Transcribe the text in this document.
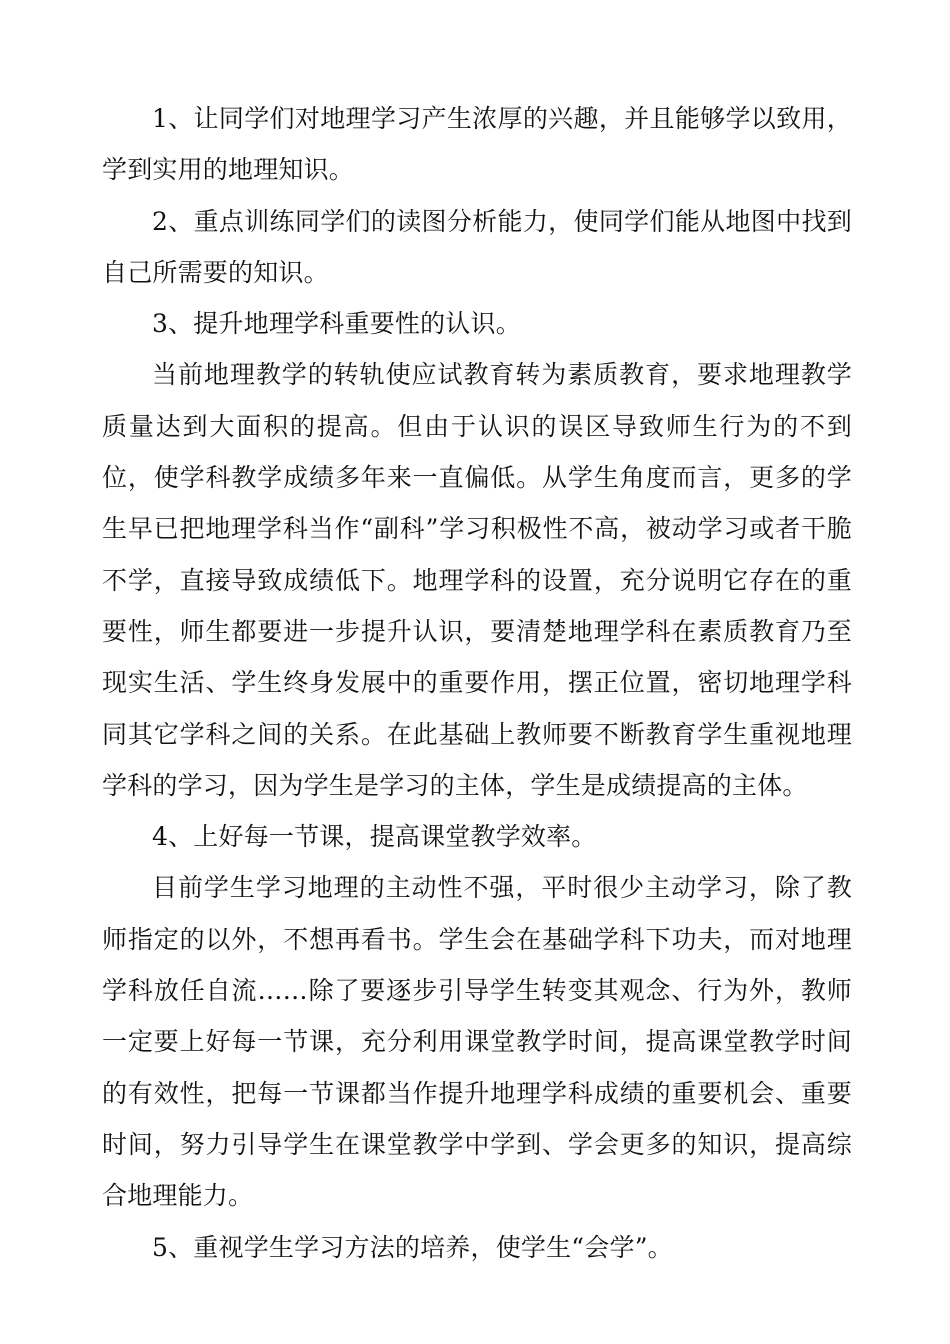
1、让同学们对地理学习产生浓厚的兴趣，并且能够学以致用，学到实用的地理知识。

2、重点训练同学们的读图分析能力，使同学们能从地图中找到自己所需要的知识。

3、提升地理学科重要性的认识。

当前地理教学的转轨使应试教育转为素质教育，要求地理教学质量达到大面积的提高。但由于认识的误区导致师生行为的不到位，使学科教学成绩多年来一直偏低。从学生角度而言，更多的学生早已把地理学科当作“副科”学习积极性不高，被动学习或者干脆不学，直接导致成绩低下。地理学科的设置，充分说明它存在的重要性，师生都要进一步提升认识，要清楚地理学科在素质教育乃至现实生活、学生终身发展中的重要作用，摆正位置，密切地理学科同其它学科之间的关系。在此基础上教师要不断教育学生重视地理学科的学习，因为学生是学习的主体，学生是成绩提高的主体。

4、上好每一节课，提高课堂教学效率。

目前学生学习地理的主动性不强，平时很少主动学习，除了教师指定的以外，不想再看书。学生会在基础学科下功夫，而对地理学科放任自流……除了要逐步引导学生转变其观念、行为外，教师一定要上好每一节课，充分利用课堂教学时间，提高课堂教学时间的有效性，把每一节课都当作提升地理学科成绩的重要机会、重要时间，努力引导学生在课堂教学中学到、学会更多的知识，提高综合地理能力。

5、重视学生学习方法的培养，使学生“会学”。
